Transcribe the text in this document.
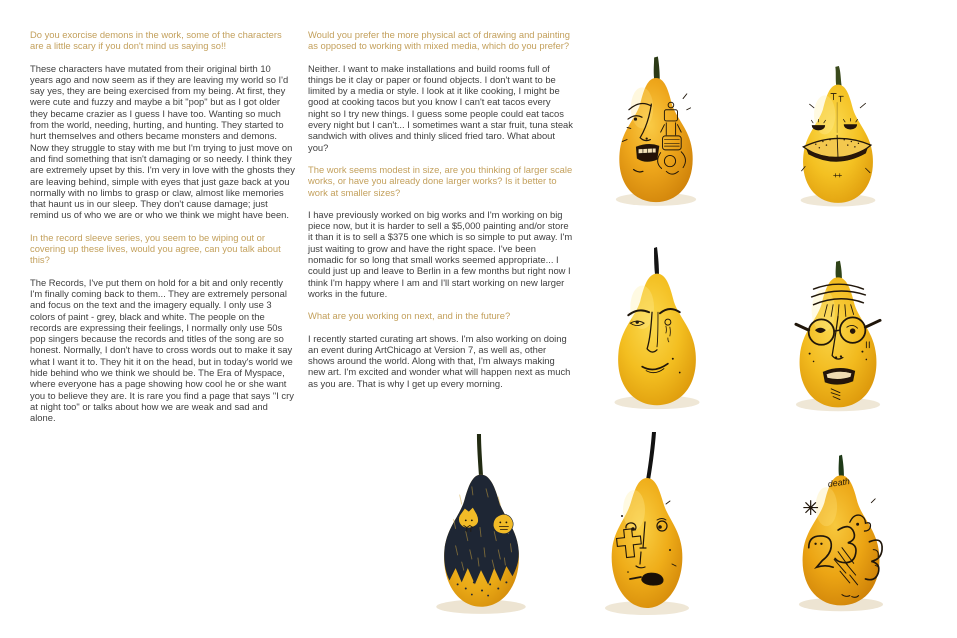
Do you exorcise demons in the work, some of the characters are a little scary if you don't mind us saying so!!

These characters have mutated from their original birth 10 years ago and now seem as if they are leaving my world so I'd say yes, they are being exercised from my being. At first, they were cute and fuzzy and maybe a bit "pop" but as I got older they became crazier as I guess I have too. Wanting so much from the world, needing, hurting, and hunting. They started to hurt themselves and others became monsters and demons. Now they struggle to stay with me but I'm trying to just move on and find something that isn't damaging or so needy. I think they are extremely upset by this. I'm very in love with the ghosts they are leaving behind, simple with eyes that just gaze back at you normally with no limbs to grasp or claw, almost like memories that haunt us in our sleep. They don't cause damage; just remind us of who we are or who we think we might have been.

In the record sleeve series, you seem to be wiping out or covering up these lives, would you agree, can you talk about this?

The Records, I've put them on hold for a bit and only recently I'm finally coming back to them... They are extremely personal and focus on the text and the imagery equally. I only use 3 colors of paint - grey, black and white. The people on the records are expressing their feelings, I normally only use 50s pop singers because the records and titles of the song are so honest. Normally, I don't have to cross words out to make it say what I want it to. They hit it on the head, but in today's world we hide behind who we think we should be. The Era of Myspace, where everyone has a page showing how cool he or she want you to believe they are. It is rare you find a page that says "I cry at night too" or talks about how we are weak and sad and alone.

Would you prefer the more physical act of drawing and painting as opposed to working with mixed media, which do you prefer?

Neither. I want to make installations and build rooms full of things be it clay or paper or found objects. I don't want to be limited by a media or style. I look at it like cooking, I might be good at cooking tacos but you know I can't eat tacos every night so I try new things. I guess some people could eat tacos every night but I can't... I sometimes want a star fruit, tuna steak sandwich with olives and thinly sliced fried taro. What about you?

The work seems modest in size, are you thinking of larger scale works, or have you already done larger works? Is it better to work at smaller sizes?

I have previously worked on big works and I'm working on big piece now, but it is harder to sell a $5,000 painting and/or store it than it is to sell a $375 one which is so simple to put away. I'm just waiting to grow and have the right space. I've been nomadic for so long that small works seemed appropriate... I could just up and leave to Berlin in a few months but right now I think I'm happy where I am and I'll start working on new larger works in the future.

What are you working on next, and in the future?

I recently started curating art shows. I'm also working on doing an event during ArtChicago at Version 7, as well as, other shows around the world. Along with that, I'm always making new art. I'm excited and wonder what will happen next as much as you are. That is why I get up every morning.

death
